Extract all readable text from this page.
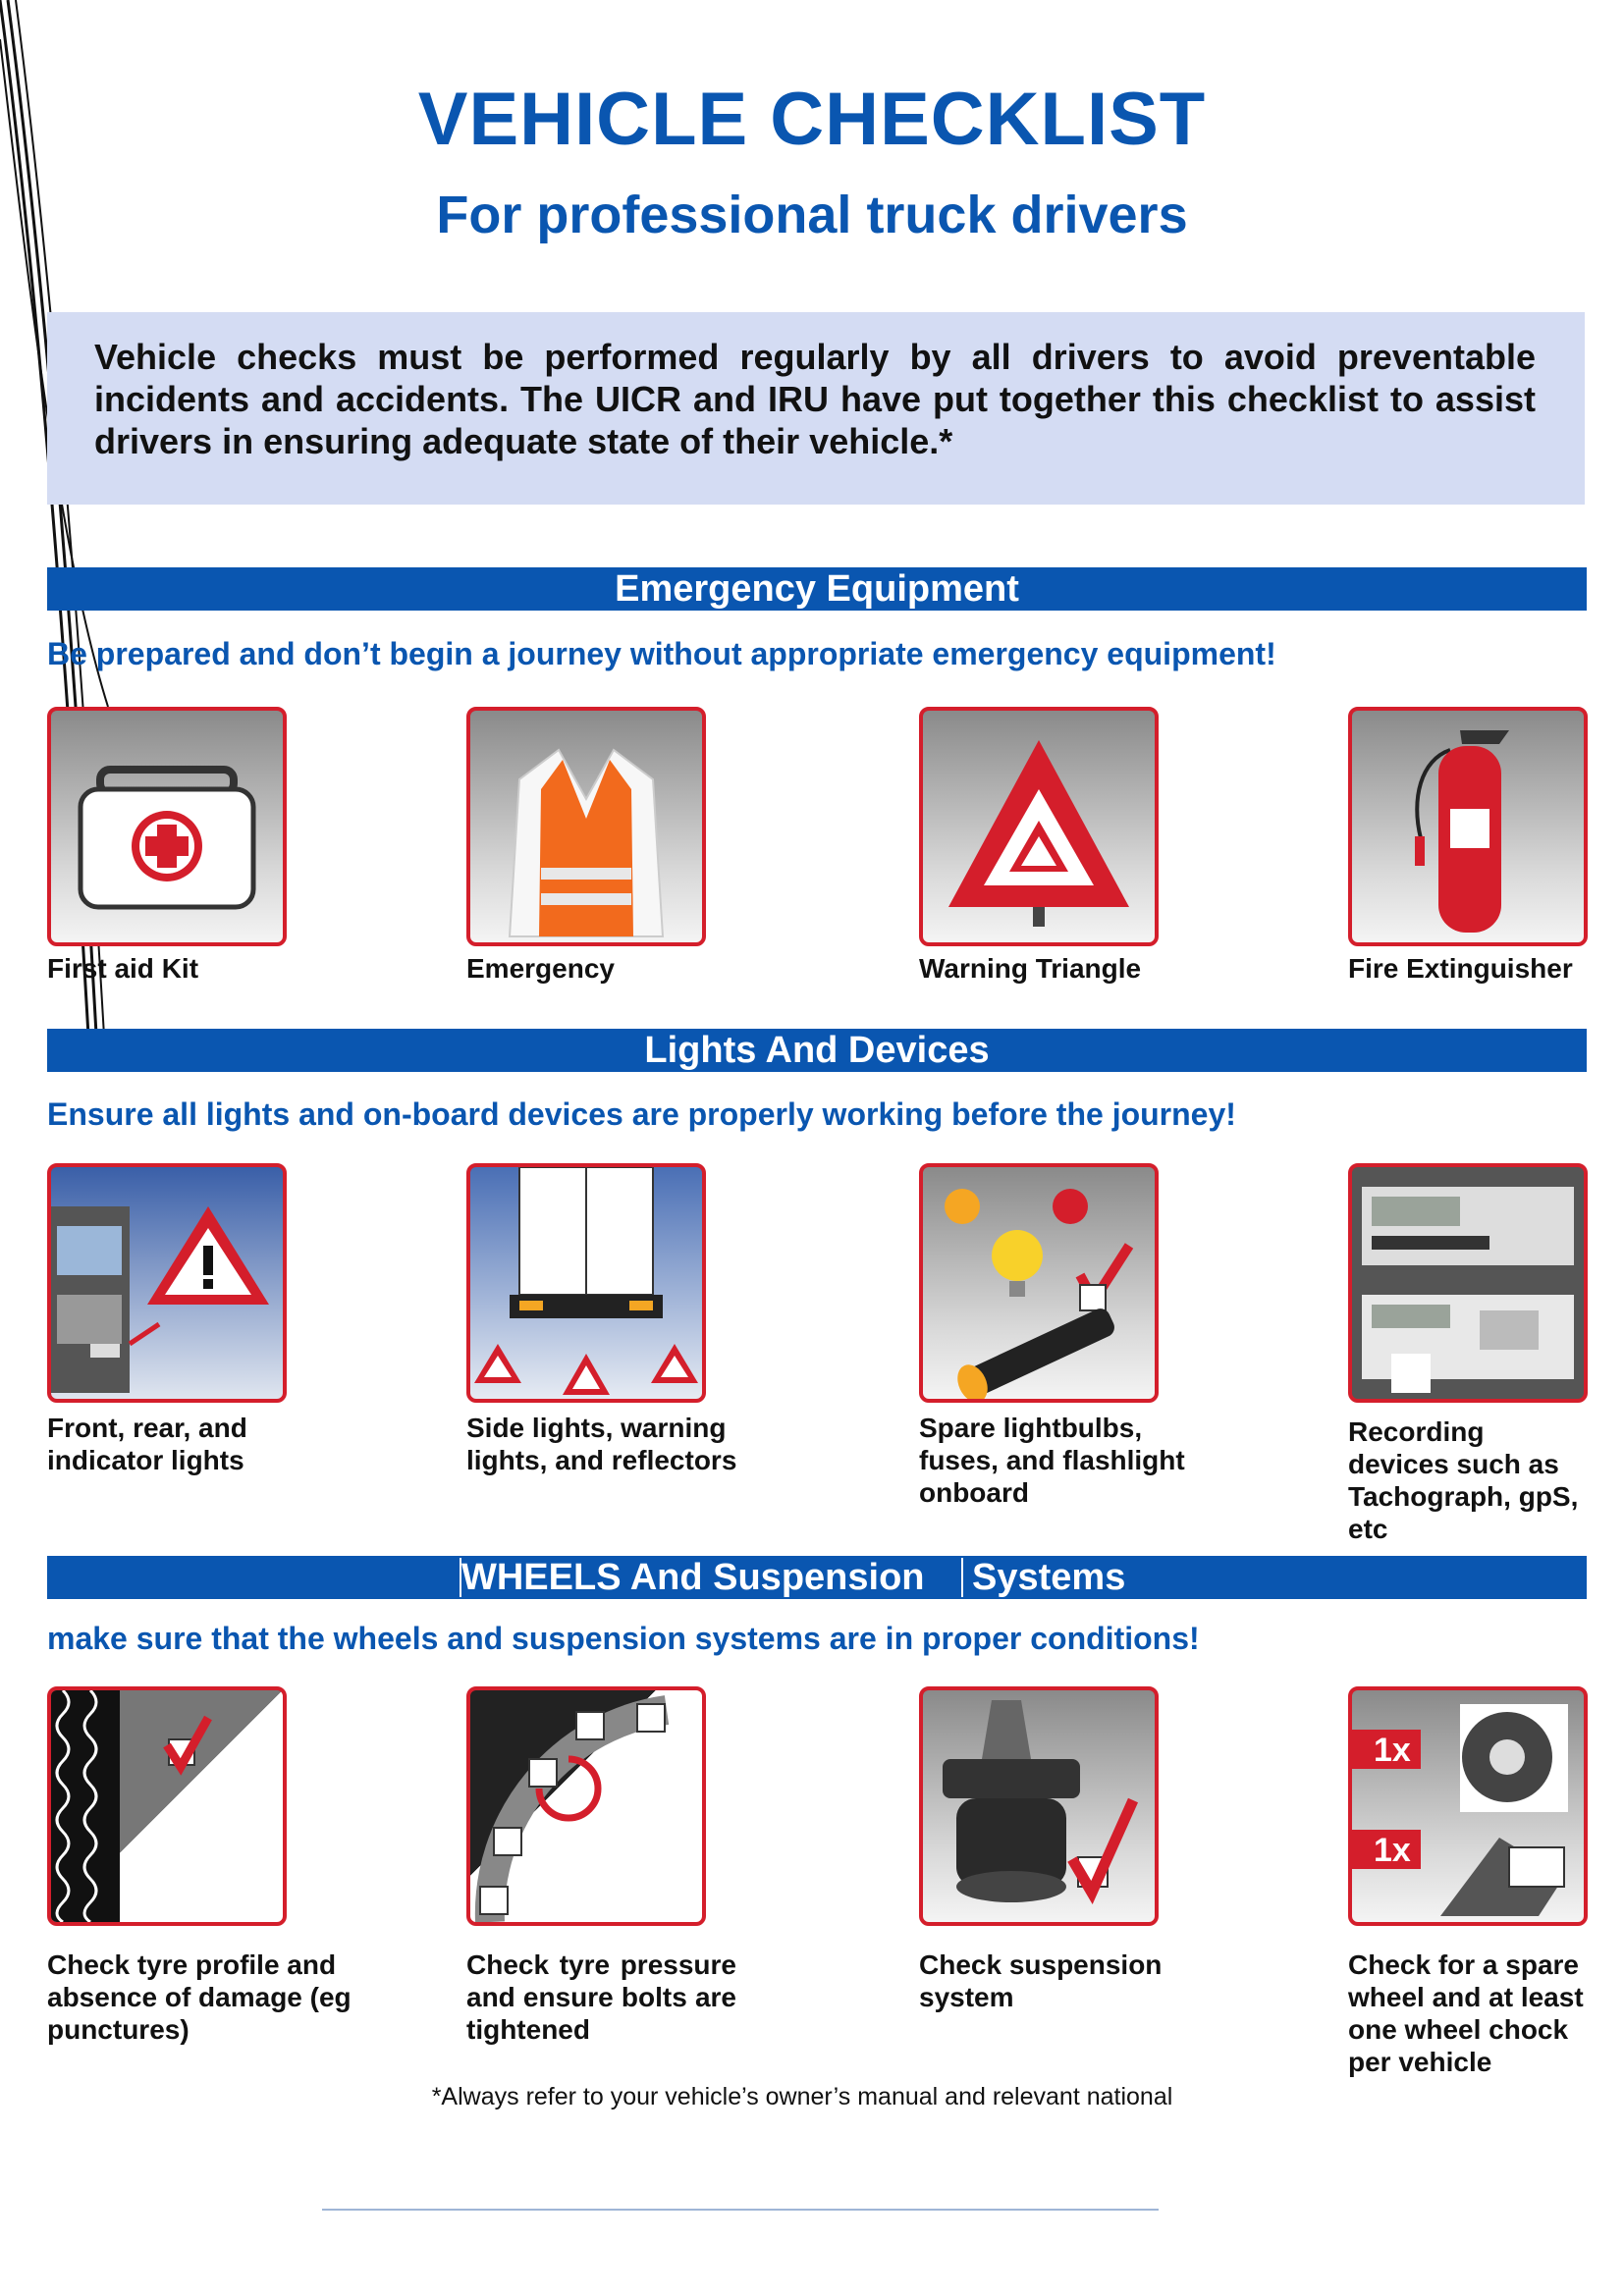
VEHICLE CHECKLIST
For professional truck drivers
Vehicle checks must be performed regularly by all drivers to avoid preventable incidents and accidents. The UICR and IRU have put together this checklist to assist drivers in ensuring adequate state of their vehicle.*
Emergency Equipment
Be prepared and don’t begin a journey without appropriate emergency equipment!
First aid Kit	Emergency	Warning Triangle	Fire Extinguisher
Lights And Devices
Ensure all lights and on-board devices are properly working before the journey!
Front, rear, and indicator lights
Side lights, warning lights, and reflectors
Spare lightbulbs, fuses, and flashlight onboard
Recording devices such as Tachograph, gpS, etc
WHEELS And Suspension Systems
make sure that the wheels and suspension systems are in proper conditions!
1x
1x
Check tyre profile and absence of damage (eg punctures)
Check tyre pressure and ensure bolts are tightened
Check suspension system
Check for a spare wheel and at least one wheel chock per vehicle
*Always refer to your vehicle’s owner’s manual and relevant national
